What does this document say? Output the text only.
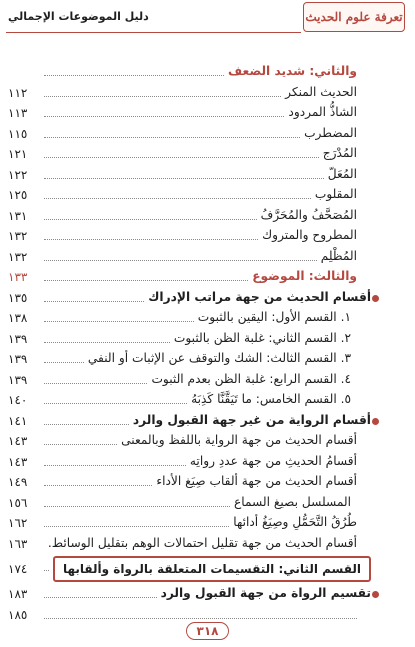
دليل الموضوعات الإجمالي	تعرفة علوم الحديث
والثاني: شديد الضعف
الحديث المنكر
١١٢
الشاذُّ المردود
١١٣
المضطرب
١١٥
المُدْرَج
١٢١
المُعَلّ
١٢٢
المقلوب
١٢٥
المُصَحَّفُ والمُحَرَّفُ
١٣١
المطروح والمتروك
١٣٢
المُظْلِم
١٣٢
والثالث: الموضوع
١٣٣
أقسام الحديث من جهة مراتب الإدراك
١٣٥
١. القسم الأول: اليقين بالثبوت
١٣٨
٢. القسم الثاني: غلبة الظن بالثبوت
١٣٩
٣. القسم الثالث: الشك والتوقف عن الإثبات أو النفي
١٣٩
٤. القسم الرابع: غلبة الظن بعدم الثبوت
١٣٩
٥. القسم الخامس: ما تَيَقَّنَّا كَذِبَهُ
١٤٠
أقسام الرواية من غير جهة القبول والرد
١٤١
أقسام الحديث من جهة الرواية باللفظ وبالمعنى
١٤٣
أقسامُ الحديثِ من جهة عددِ رواتِه
١٤٣
أقسام الحديث من جهة ألقاب صِيَغ الأداء
١٤٩
المسلسل بصيغ السماع
١٥٦
طُرُقُ التَّحَمُّلِ وصِيَغُ أدائها
١٦٢
أقسام الحديث من جهة تقليل احتمالات الوهم بتقليل الوسائط.
١٦٣
القسم الثاني: التقسيمات المتعلقة بالرواة وألقابها
١٧٤
تقسيم الرواة من جهة القبول والرد
١٨٣
١٨٥
٣١٨
